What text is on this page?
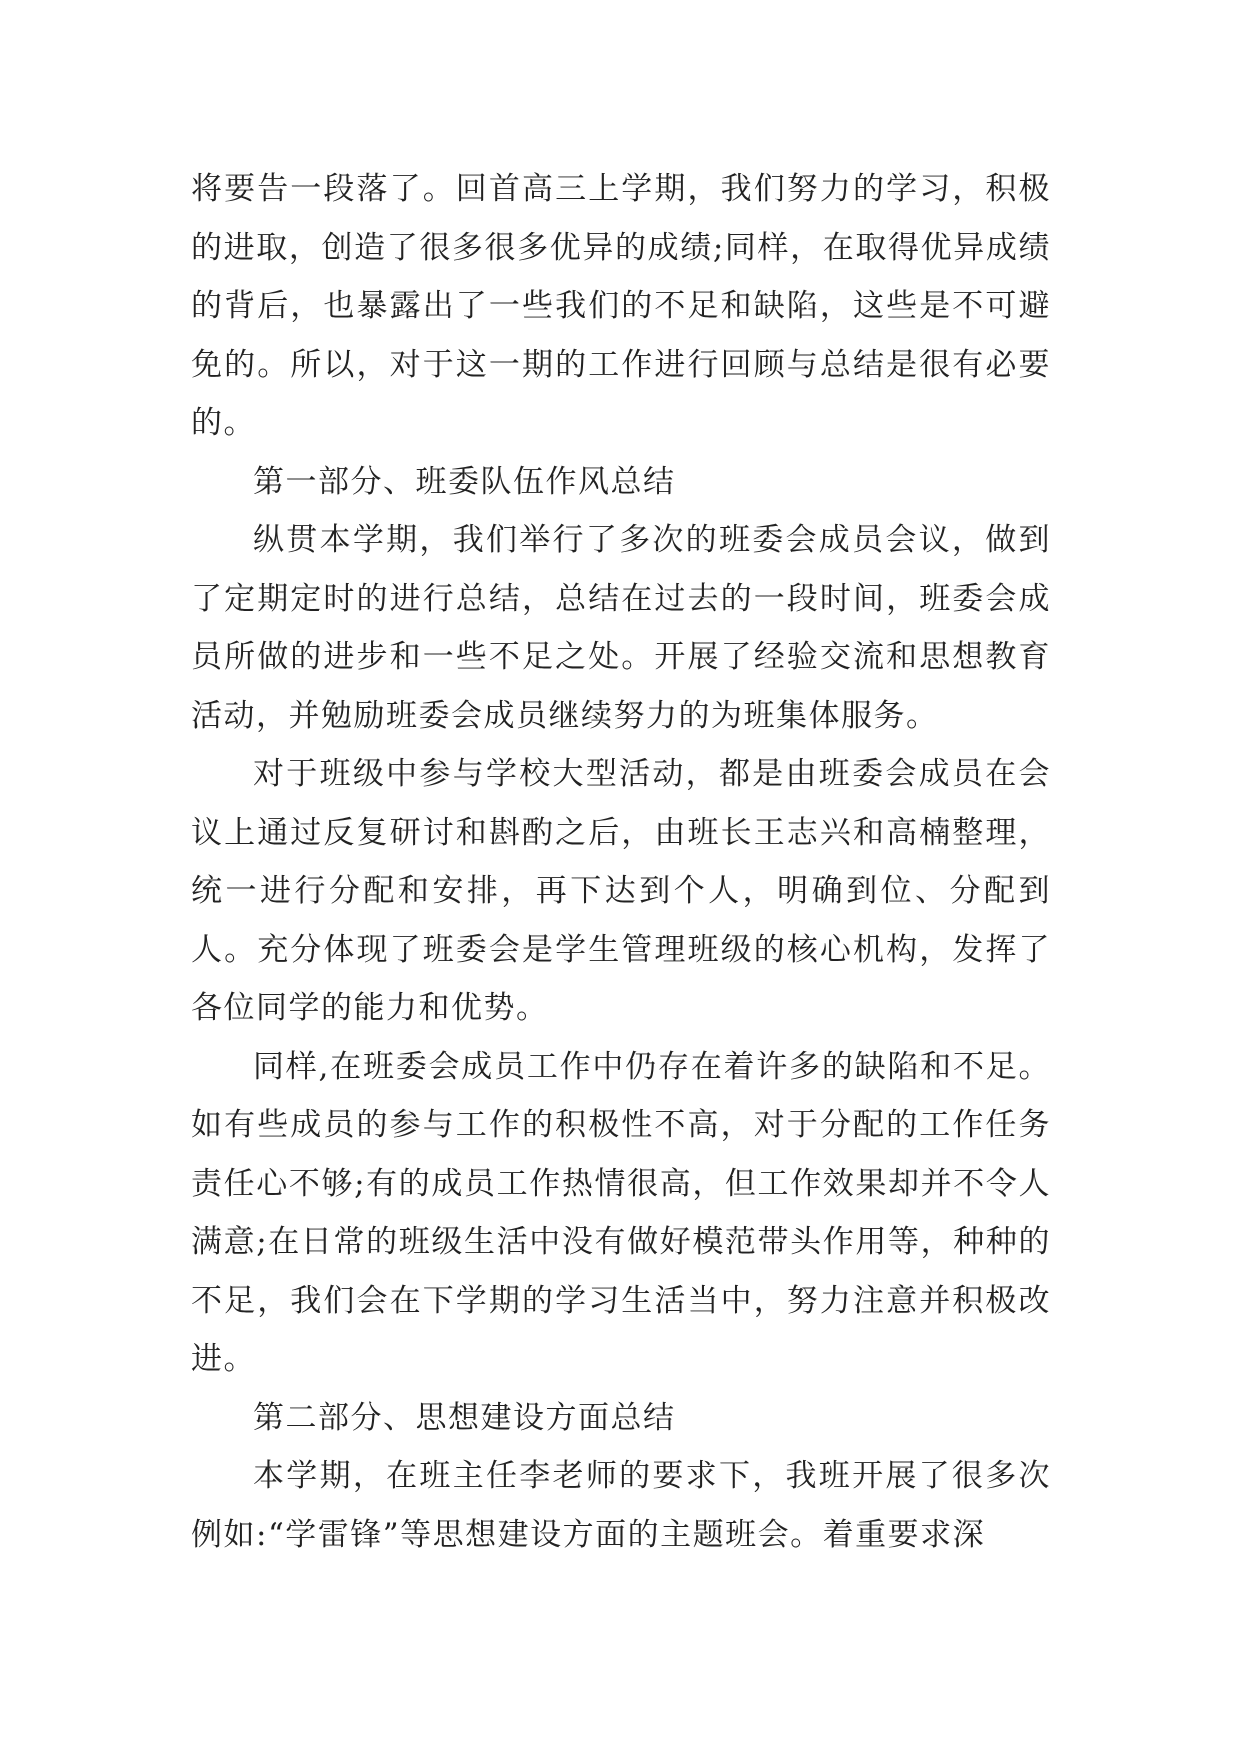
将要告一段落了。回首高三上学期，我们努力的学习，积极的进取，创造了很多很多优异的成绩;同样，在取得优异成绩的背后，也暴露出了一些我们的不足和缺陷，这些是不可避免的。所以，对于这一期的工作进行回顾与总结是很有必要的。

第一部分、班委队伍作风总结

纵贯本学期，我们举行了多次的班委会成员会议，做到了定期定时的进行总结，总结在过去的一段时间，班委会成员所做的进步和一些不足之处。开展了经验交流和思想教育活动，并勉励班委会成员继续努力的为班集体服务。

对于班级中参与学校大型活动，都是由班委会成员在会议上通过反复研讨和斟酌之后，由班长王志兴和高楠整理，统一进行分配和安排，再下达到个人，明确到位、分配到人。充分体现了班委会是学生管理班级的核心机构，发挥了各位同学的能力和优势。

同样,在班委会成员工作中仍存在着许多的缺陷和不足。如有些成员的参与工作的积极性不高，对于分配的工作任务责任心不够;有的成员工作热情很高，但工作效果却并不令人满意;在日常的班级生活中没有做好模范带头作用等，种种的不足，我们会在下学期的学习生活当中，努力注意并积极改进。

第二部分、思想建设方面总结

本学期，在班主任李老师的要求下，我班开展了很多次例如:“学雷锋”等思想建设方面的主题班会。着重要求深
